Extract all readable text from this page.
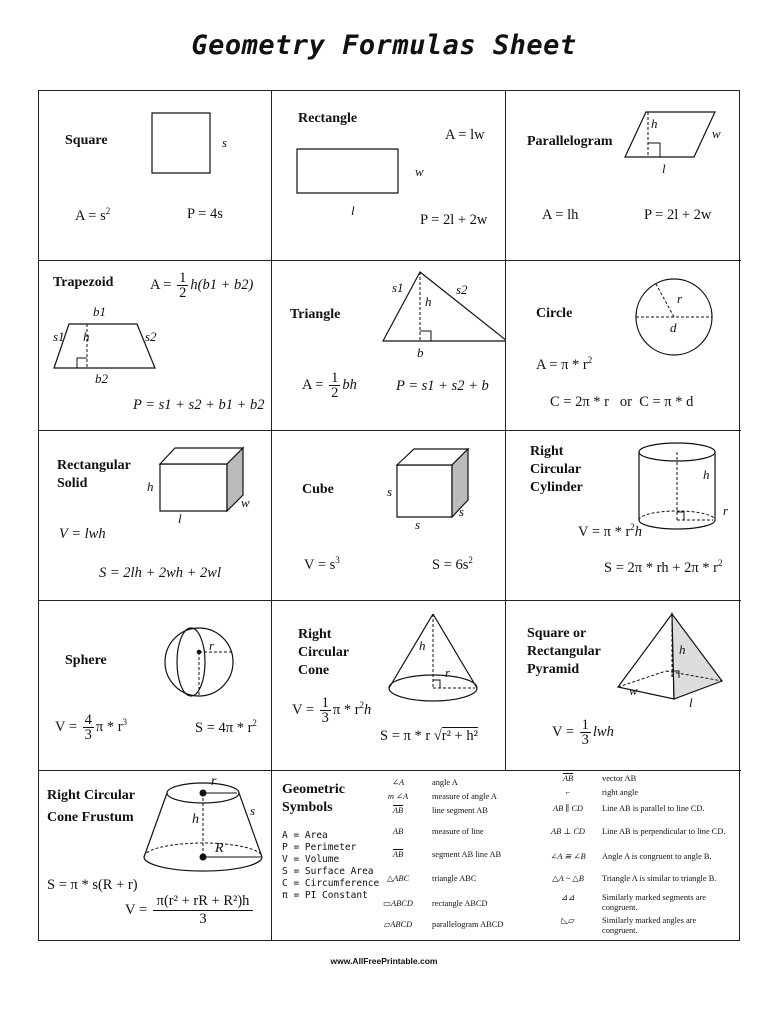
Geometry Formulas Sheet
Square	s
$A = s^2$	P = 4s
Rectangle
A = lw
w
l
P = 2l + 2w
Parallelogram
h
w
l
A = lh	P = 2l + 2w
Trapezoid	$A = \frac{1}{2} h(b1 + b2)$
b1
s1 h	s2
b2
P = s1 + s2 + b1 + b2
Triangle
s1
h
s2
b
$A = \frac{1}{2}$ bh	P = s1 + s2 + b
Circle
r
d
$A = \pi * r^2$
C = 2π * r   or  C = π * d
Rectangular
Solid	h
w
l
V = lwh
S = 2lh + 2wh + 2wl
Cube	s
s
s
$V = s^3$	$S = 6s^2$
Right
Circular
Cylinder
h
r
$V = \pi * r^2h$
S = 2π * rh + $2\pi * r^2$
Sphere
r
$V = \frac{4}{3}$ π * $r^3$	$S = 4\pi * r^2$
Right
Circular
Cone
h
r
$V = \frac{1}{3}$ π * $r^2h$
S = π * r √r² + h²
Square or
Rectangular
Pyramid
h
w
l
$V = \frac{1}{3}$ lwh
Right Circular
Cone Frustum
r
s
h
R
S = π * s(R + r)
$V = \frac{\text{π(r² + rR + R²)h}}{3}$
Geometric
Symbols
A = Area
P = Perimeter
V = Volume
S = Surface Area
C = Circumference
π = PI Constant
∠A	angle A
m ∠A	measure of angle A
$\overline{AB}$	line segment AB
AB	measure of line
$\overline{AB}$	segment AB line AB
△ABC	triangle ABC
▭ABCD rectangle ABCD
▱ABCD parallelogram ABCD
$\overline{AB}$	vector AB
⌐	right angle
AB ∥ CD Line AB is parallel to line CD.
AB ⊥ CD Line AB is perpendicular to line CD.
∠A ≅ ∠B Angle A is congruent to angle B.
△A ~ △B Triangle A is similar to triangle B.
⊿⊿	Similarly marked segments are
congruent.
◺▱	Similarly marked angles are
congruent.
www.AllFreePrintable.com
